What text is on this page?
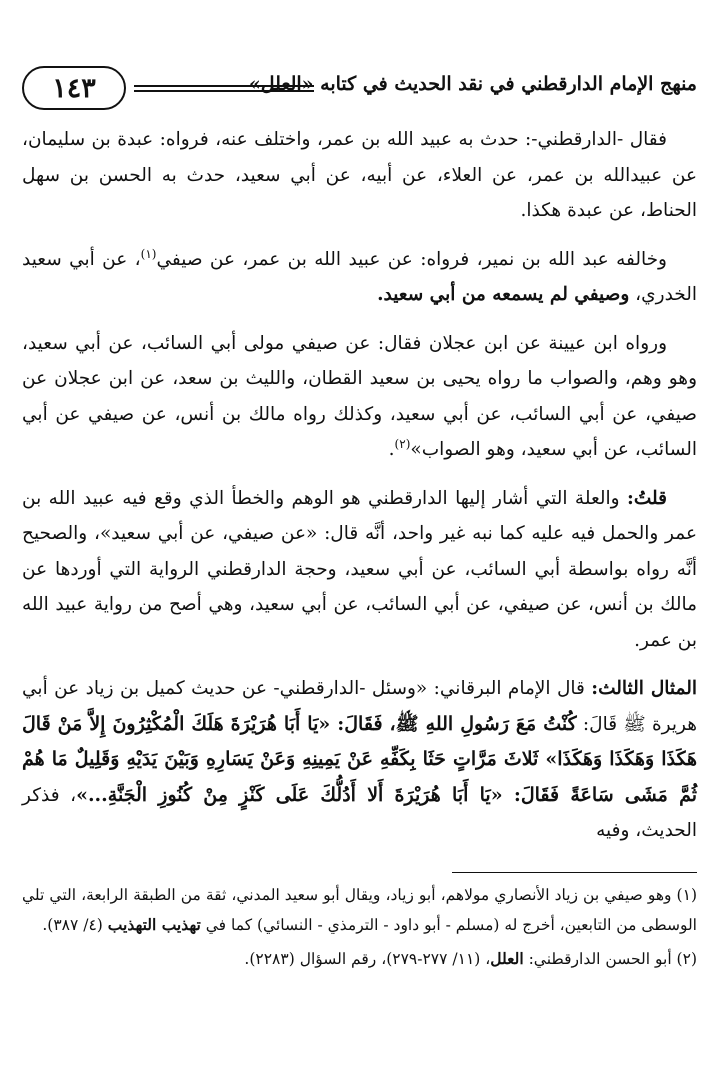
١٤٣	منهج الإمام الدارقطني في نقد الحديث في كتابه «العلل»

فقال -الدارقطني-: حدث به عبيد الله بن عمر، واختلف عنه، فرواه: عبدة بن سليمان، عن عبيدالله بن عمر، عن العلاء، عن أبيه، عن أبي سعيد، حدث به الحسن بن سهل الحناط، عن عبدة هكذا.

وخالفه عبد الله بن نمير، فرواه: عن عبيد الله بن عمر، عن صيفي$^{(١)}$، عن أبي سعيد الخدري، وصيفي لم يسمعه من أبي سعيد.

ورواه ابن عيينة عن ابن عجلان فقال: عن صيفي مولى أبي السائب، عن أبي سعيد، وهو وهم، والصواب ما رواه يحيى بن سعيد القطان، والليث بن سعد، عن ابن عجلان عن صيفي، عن أبي السائب، عن أبي سعيد، وكذلك رواه مالك بن أنس، عن صيفي عن أبي السائب، عن أبي سعيد، وهو الصواب»$^{(٢)}$.

قلتُ: والعلة التي أشار إليها الدارقطني هو الوهم والخطأ الذي وقع فيه عبيد الله بن عمر والحمل فيه عليه كما نبه غير واحد، أنَّه قال: «عن صيفي، عن أبي سعيد»، والصحيح أنَّه رواه بواسطة أبي السائب، عن أبي سعيد، وحجة الدارقطني الرواية التي أوردها عن مالك بن أنس، عن صيفي، عن أبي السائب، عن أبي سعيد، وهي أصح من رواية عبيد الله بن عمر.

المثال الثالث: قال الإمام البرقاني: «وسئل -الدارقطني- عن حديث كميل بن زياد عن أبي هريرة ﷺ قَالَ: كُنْتُ مَعَ رَسُولِ اللهِ ﷺ، فَقَالَ: «يَا أَبَا هُرَيْرَةَ هَلَكَ الْمُكْثِرُونَ إِلاَّ مَنْ قَالَ هَكَذَا وَهَكَذَا وَهَكَذَا» ثَلاثَ مَرَّاتٍ حَثَا بِكَفِّهِ عَنْ يَمِينِهِ وَعَنْ يَسَارِهِ وَبَيْنَ يَدَيْهِ وَقَلِيلٌ مَا هُمْ ثُمَّ مَشَى سَاعَةً فَقَالَ: «يَا أَبَا هُرَيْرَةَ أَلا أَدُلُّكَ عَلَى كَنْزٍ مِنْ كُنُوزِ الْجَنَّةِ...»، فذكر الحديث، وفيه

(١) وهو صيفي بن زياد الأنصاري مولاهم، أبو زياد، ويقال أبو سعيد المدني، ثقة من الطبقة الرابعة، التي تلي الوسطى من التابعين، أخرج له (مسلم - أبو داود - الترمذي - النسائي) كما في تهذيب التهذيب (٤/ ٣٨٧).

(٢) أبو الحسن الدارقطني: العلل، (١١/ ٢٧٧-٢٧٩)، رقم السؤال (٢٢٨٣).
